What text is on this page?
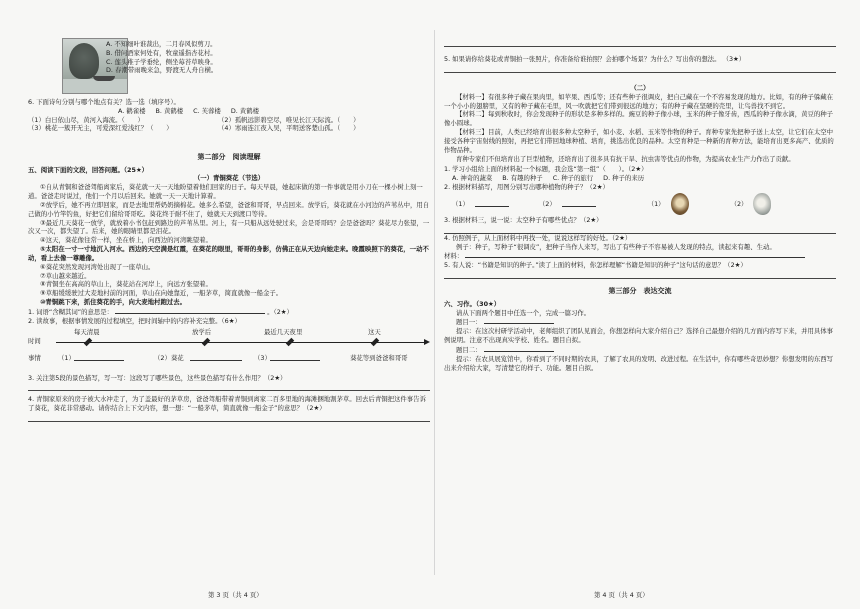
A. 不知细叶谁裁出，二月春风似剪刀。

B. 借问酒家何处有，牧童遥指杏花村。

C. 莲头稚子学垂纶，侧坐莓苔草映身。

D. 春潮带雨晚来急，野渡无人舟自横。

6. 下面诗句分别与哪个地点有关？选一选（填序号）。

A. 鹳雀楼 B. 黄鹤楼 C. 芙蓉楼 D. 黄鹤楼
（1）白日依山尽，黄河入海流。（　　）	（2）孤帆远影碧空尽，唯见长江天际流。（　　）
（3）桃花一簇开无主，可爱深红爱浅红？（　　）	（4）寒雨连江夜入吴，平明送客楚山孤。（　　）

第二部分　阅读理解

五、阅读下面的文段，回答问题。（25★）

（一）青铜葵花（节选）

①自从青铜和爸爸驾船离家后，葵花就一天一天地盼望着他们回家的日子。每天早晨，她起床做的第一件事就是用小刀在一棵小树上刻一道。爸爸走时说过，他们一个月以后回来。她就一天一天地计算着。

②放学后，她不再立即回家，而是去地里帮奶奶摘棉花。她多么希望，爸爸和哥哥，早点回来。放学后，葵花就在小河边的芦苇丛中，用自己做的小竹竿钓鱼，好把它们留给哥哥吃。葵花终于耐不住了，她就天天到渡口等待。

③最近几天葵花一放学，就放着小书包赶到路边的芦苇丛里。河上，有一只船从远处驶过来，会是哥哥吗？会是爸爸吗？葵花尽力张望，一次又一次，都失望了。后来，她的眼睛里都是泪花。

④这天，葵花像往常一样，坐在桥上，向西边的河湾眺望着。

⑤太阳在一寸一寸地沉入河水。西边的天空满是红霞，在葵花的眼里，哥哥的身影，仿佛正在从天边向她走来。晚霞映照下的葵花，一动不动，看上去像一尊雕像。

⑥葵花突然发现河湾处出现了一座草山。

⑦草山越来越近。

⑧青铜坐在高高的草山上，葵花站在河岸上，向远方张望着。

⑨草船缓缓驶过大麦地村前的河面，草山在向她靠近，一船茅草，简直就像一船金子。

⑩青铜跳下来，抓住葵花的手，向大麦地村跑过去。

1. 词语“含糊其词”的意思是：	。（2★）

2. 读故事，根据事情发展的过程填空，把时间轴中的内容补充完整。（6★）

时间
每天清晨	放学后	最近几天夜里	这天
事情	（1）	（2）葵花	（3）	葵花等到爸爸和哥哥

3. 关注第5段的景色描写，写一写：这段写了哪些景色，这些景色描写有什么作用？（2★）

4. 青铜家原来的房子被大水冲走了，为了盖最好的茅草房，爸爸驾船带着青铜到离家二百多里地的海滩捆地割茅草。回去后青铜把这件事告诉了葵花，葵花非常感动。请你结合上下文内容，想一想：“一船茅草，简直就像一船金子”的意思？（2★）

第 3 页（共 4 页）

5. 如果请你给葵花或青铜拍一张照片，你准备给谁拍照？会拍哪个场景？为什么？写出你的想法。 （3★）

（二）

【材料一】有很多种子藏在果肉里，如苹果、西瓜等；还有些种子很调皮，把自己藏在一个不容易发现的地方。比如，有的种子躲藏在一个小小的翅膀里，又有的种子藏在毛里，风一吹就把它们带到很远的地方；有的种子藏在坚硬的壳里，让鸟兽找不到它。

【材料二】每到秋收时，你会发现种子的形状是多种多样的。豌豆的种子像小球，玉米的种子像牙齿，西瓜的种子像水滴，黄豆的种子像小圆球。

【材料三】目前，人类已经培育出很多种太空种子，如小麦、水稻、玉米等作物的种子。育种专家先把种子送上太空，让它们在太空中接受各种宇宙射线的照射，再把它们带回地球种植、培育，挑选出优良的品种。太空育种是一种新的育种方法，能培育出更多高产、优质的作物品种。

育种专家们不但培育出了巨型植物，还培育出了很多具有抗干旱、抗虫害等优点的作物，为提高农业生产力作出了贡献。

1. 学习小组给上面的材料起一个标题，我会选“第一组”（　　）。（2★）

A. 神奇的蔬菜 B. 有趣的种子 C. 种子的旅行 D. 种子的来历

2. 根据材料描写，用图分别写出哪种植物的种子？（2★）

（1）	（2）	（1）	（2）

3. 根据材料三，说一说：太空种子有哪些优点？（2★）

4. 仿照例子，从上面材料中再找一处，说说这样写的好处。（2★）

例子：种子，写种子“很调皮”，把种子当作人来写，写出了有些种子不容易被人发现的特点，读起来有趣、生动。

材料：

5. 有人说：“书籍是知识的种子。”读了上面的材料，你怎样理解“书籍是知识的种子”这句话的意思？（2★）

第三部分　表达交流

六、习作。（30★）

请从下面两个题目中任选一个，完成一篇习作。

题目一：

提示：在这次村研学活动中，老师组织了团队见面会，你想怎样向大家介绍自己？选择自己最想介绍的几方面内容写下来，并用具体事例说明。注意不出现真实学校、姓名。题目自拟。

题目二：

提示：在农具展览馆中，你看到了不同时期的农具，了解了农具的发明、改进过程。在生活中，你有哪些奇思妙想？你想发明的东西写出来介绍给大家，写清楚它的样子、功能。题目自拟。

第 4 页（共 4 页）
